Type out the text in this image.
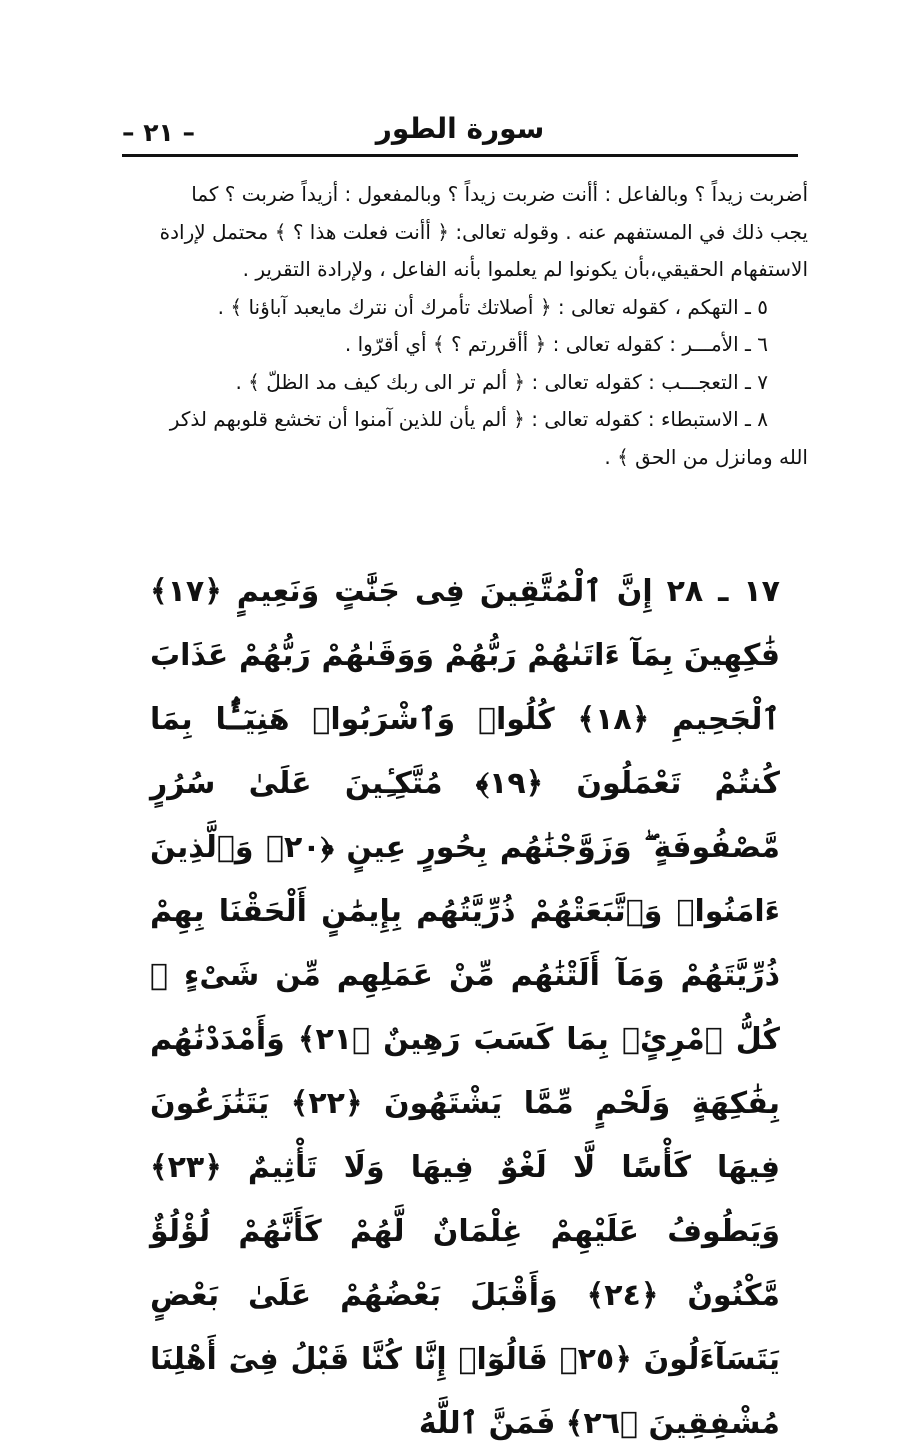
– ٢١ –	سورة الطور

أضربت زيداً ؟ وبالفاعل : أأنت ضربت زيداً ؟ وبالمفعول : أزيداً ضربت ؟ كما

يجب ذلك في المستفهم عنه . وقوله تعالى: ﴿ أأنت فعلت هذا ؟ ﴾ محتمل لإرادة

الاستفهام الحقيقي،بأن يكونوا لم يعلموا بأنه الفاعل ، ولإرادة التقرير .

٥ ـ التهكم ، كقوله تعالى : ﴿ أصلاتك تأمرك أن نترك مايعبد آباؤنا ﴾ .

٦ ـ الأمـــر : كقوله تعالى : ﴿ أأقررتم ؟ ﴾ أي أقرّوا .

٧ ـ التعجـــب : كقوله تعالى : ﴿ ألم تر الى ربك كيف مد الظلّ ﴾ .

٨ ـ الاستبطاء : كقوله تعالى : ﴿ ألم يأن للذين آمنوا أن تخشع قلوبهم لذكر

الله ومانزل من الحق ﴾ .

١٧ ـ ٢٨إِنَّ ٱلْمُتَّقِينَ فِى جَنَّٰتٍ وَنَعِيمٍ ﴿١٧﴾ فَٰكِهِينَ بِمَآ ءَاتَىٰهُمْ رَبُّهُمْ وَوَقَىٰهُمْ رَبُّهُمْ عَذَابَ ٱلْجَحِيمِ ﴿١٨﴾ كُلُوا۟ وَٱشْرَبُوا۟ هَنِيٓـًٔۢا بِمَا كُنتُمْ تَعْمَلُونَ ﴿١٩﴾ مُتَّكِـِٔينَ عَلَىٰ سُرُرٍ مَّصْفُوفَةٍ ۖ وَزَوَّجْنَٰهُم بِحُورٍ عِينٍ ﴿٢٠﴾ وَٱلَّذِينَ ءَامَنُوا۟ وَٱتَّبَعَتْهُمْ ذُرِّيَّتُهُم بِإِيمَٰنٍ أَلْحَقْنَا بِهِمْ ذُرِّيَّتَهُمْ وَمَآ أَلَتْنَٰهُم مِّنْ عَمَلِهِم مِّن شَىْءٍ ۚ كُلُّ ٱمْرِئٍۭ بِمَا كَسَبَ رَهِينٌ ﴿٢١﴾ وَأَمْدَدْنَٰهُم بِفَٰكِهَةٍ وَلَحْمٍ مِّمَّا يَشْتَهُونَ ﴿٢٢﴾ يَتَنَٰزَعُونَ فِيهَا كَأْسًا لَّا لَغْوٌ فِيهَا وَلَا تَأْثِيمٌ ﴿٢٣﴾ وَيَطُوفُ عَلَيْهِمْ غِلْمَانٌ لَّهُمْ كَأَنَّهُمْ لُؤْلُؤٌ مَّكْنُونٌ ﴿٢٤﴾ وَأَقْبَلَ بَعْضُهُمْ عَلَىٰ بَعْضٍ يَتَسَآءَلُونَ ﴿٢٥﴾ قَالُوٓا۟ إِنَّا كُنَّا قَبْلُ فِىٓ أَهْلِنَا مُشْفِقِينَ ﴿٢٦﴾ فَمَنَّ ٱللَّهُ
